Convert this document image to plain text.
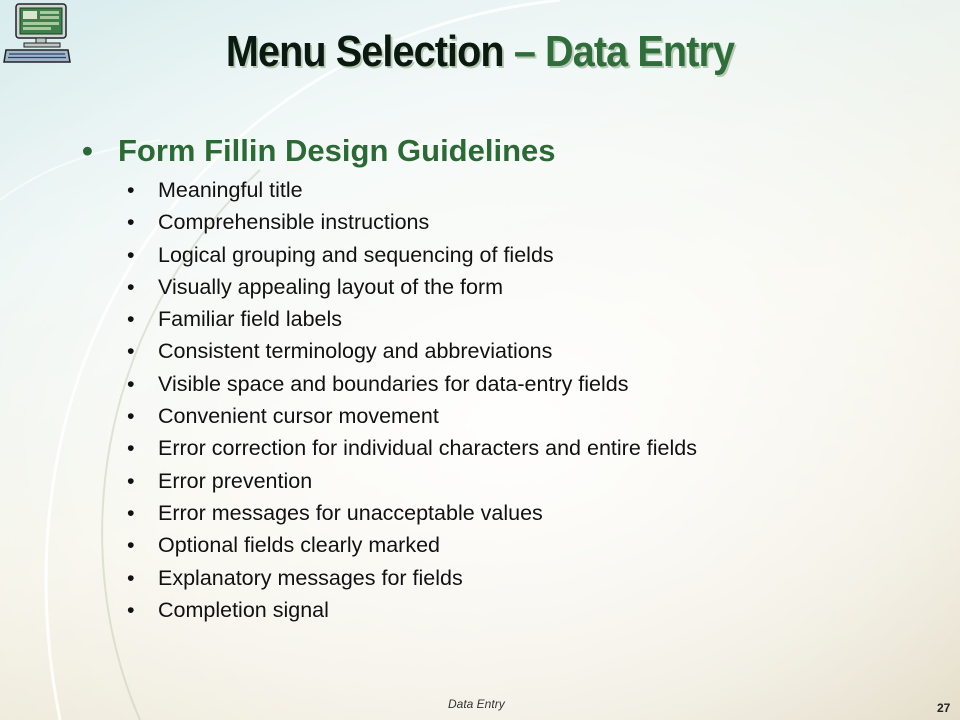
Menu Selection – Data Entry
• Form Fillin Design Guidelines
•	Meaningful title
•	Comprehensible instructions
•	Logical grouping and sequencing of fields
•	Visually appealing layout of the form
•	Familiar field labels
•	Consistent terminology and abbreviations
•	Visible space and boundaries for data-entry fields
•	Convenient cursor movement
•	Error correction for individual characters and entire fields
•	Error prevention
•	Error messages for unacceptable values
•	Optional fields clearly marked
•	Explanatory messages for fields
•	Completion signal
Data Entry	27
